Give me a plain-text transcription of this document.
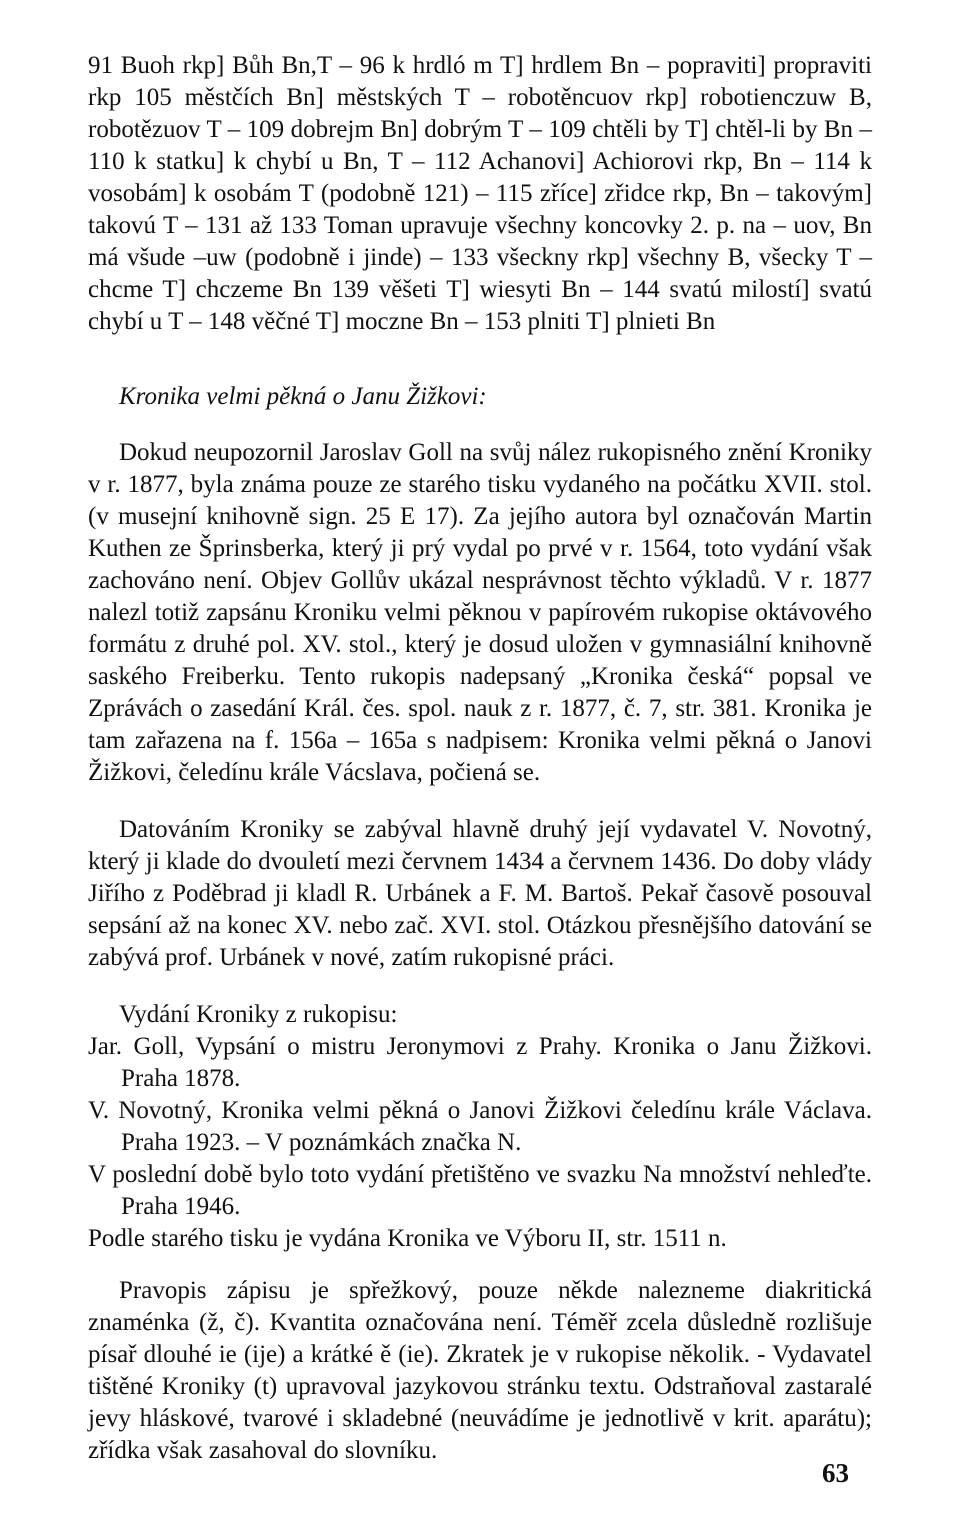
91 Buoh rkp] Bůh Bn,T – 96 k hrdló m T] hrdlem Bn – popraviti] propraviti rkp 105 městčích Bn] městských T – robotěncuov rkp] robotienczuw B, robotězuov T – 109 dobrejm Bn] dobrým T – 109 chtěli by T] chtěl-li by Bn – 110 k statku] k chybí u Bn, T – 112 Achanovi] Achiorovi rkp, Bn – 114 k vosobám] k osobám T (podobně 121) – 115 zříce] zřidce rkp, Bn – takovým] takovú T – 131 až 133 Toman upravuje všechny koncovky 2. p. na – uov, Bn má všude –uw (podobně i jinde) – 133 všeckny rkp] všechny B, všecky T – chcme T] chczeme Bn 139 věšeti T] wiesyti Bn – 144 svatú milostí] svatú chybí u T – 148 věčné T] moczne Bn – 153 plniti T] plnieti Bn

Kronika velmi pěkná o Janu Žižkovi:

Dokud neupozornil Jaroslav Goll na svůj nález rukopisného znění Kroniky v r. 1877, byla známa pouze ze starého tisku vydaného na počátku XVII. stol. (v musejní knihovně sign. 25 E 17). Za jejího autora byl označován Martin Kuthen ze Šprinsberka, který ji prý vydal po prvé v r. 1564, toto vydání však zachováno není. Objev Gollův ukázal nesprávnost těchto výkladů. V r. 1877 nalezl totiž zapsánu Kroniku velmi pěknou v papírovém rukopise oktávového formátu z druhé pol. XV. stol., který je dosud uložen v gymnasiální knihovně saského Freiberku. Tento rukopis nadepsaný „Kronika česká“ popsal ve Zprávách o zasedání Král. čes. spol. nauk z r. 1877, č. 7, str. 381. Kronika je tam zařazena na f. 156a – 165a s nadpisem: Kronika velmi pěkná o Janovi Žižkovi, čeledínu krále Vácslava, počiená se.

Datováním Kroniky se zabýval hlavně druhý její vydavatel V. Novotný, který ji klade do dvouletí mezi červnem 1434 a červnem 1436. Do doby vlády Jiřího z Poděbrad ji kladl R. Urbánek a F. M. Bartoš. Pekař časově posouval sepsání až na konec XV. nebo zač. XVI. stol. Otázkou přesnějšího datování se zabývá prof. Urbánek v nové, zatím rukopisné práci.

Vydání Kroniky z rukopisu:
Jar. Goll, Vypsání o mistru Jeronymovi z Prahy. Kronika o Janu Žižkovi. Praha 1878.
V. Novotný, Kronika velmi pěkná o Janovi Žižkovi čeledínu krále Václava. Praha 1923. – V poznámkách značka N.
V poslední době bylo toto vydání přetištěno ve svazku Na množství nehleďte. Praha 1946.
Podle starého tisku je vydána Kronika ve Výboru II, str. 1511 n.

Pravopis zápisu je spřežkový, pouze někde nalezneme diakritická znaménka (ž, č). Kvantita označována není. Téměř zcela důsledně rozlišuje písař dlouhé ie (ije) a krátké ě (ie). Zkratek je v rukopise několik. - Vydavatel tištěné Kroniky (t) upravoval jazykovou stránku textu. Odstraňoval zastaralé jevy hláskové, tvarové i skladebné (neuvádíme je jednotlivě v krit. aparátu); zřídka však zasahoval do slovníku.

63
